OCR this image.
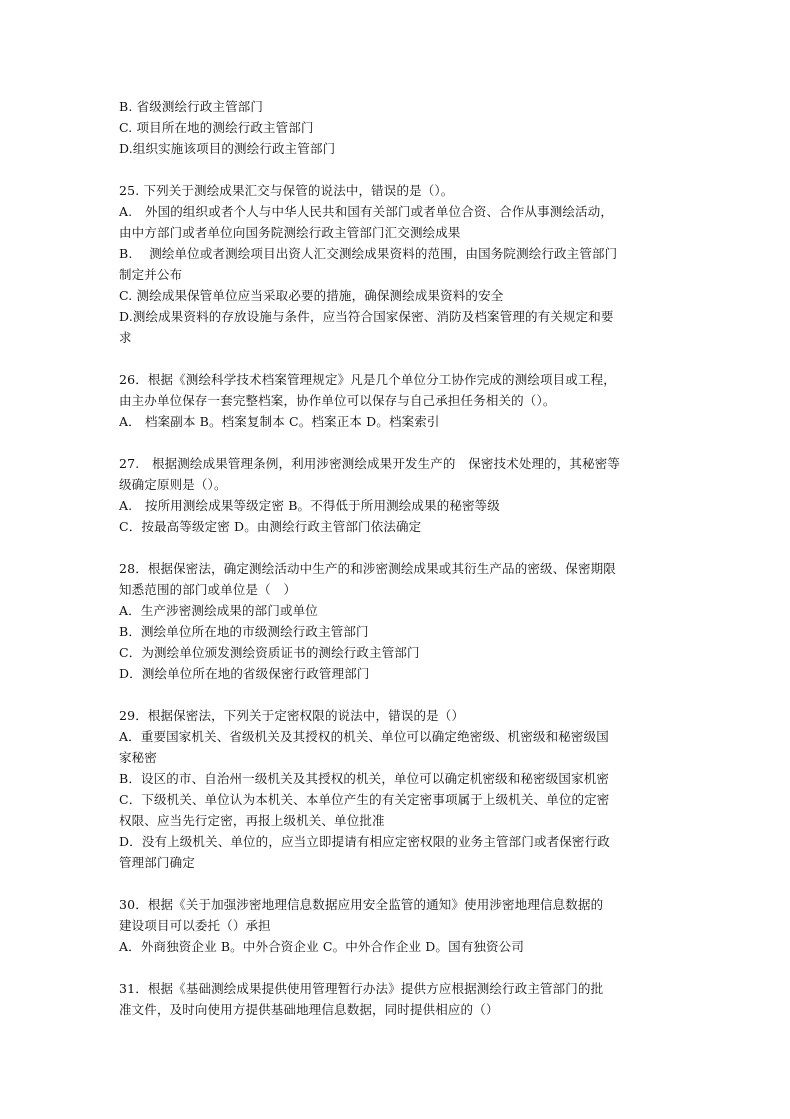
B. 省级测绘行政主管部门
C. 项目所在地的测绘行政主管部门
D.组织实施该项目的测绘行政主管部门
25. 下列关于测绘成果汇交与保管的说法中，错误的是（）。
A.　外国的组织或者个人与中华人民共和国有关部门或者单位合资、合作从事测绘活动，
由中方部门或者单位向国务院测绘行政主管部门汇交测绘成果
B.　 测绘单位或者测绘项目出资人汇交测绘成果资料的范围，由国务院测绘行政主管部门
制定并公布
C. 测绘成果保管单位应当采取必要的措施，确保测绘成果资料的安全
D.测绘成果资料的存放设施与条件，应当符合国家保密、消防及档案管理的有关规定和要
求
26．根据《测绘科学技术档案管理规定》凡是几个单位分工协作完成的测绘项目或工程，
由主办单位保存一套完整档案，协作单位可以保存与自己承担任务相关的（）。
A． 档案副本 B。档案复制本 C。档案正本 D。档案索引
27.　根据测绘成果管理条例，利用涉密测绘成果开发生产的　保密技术处理的，其秘密等
级确定原则是（）。
A.　按所用测绘成果等级定密 B。不得低于所用测绘成果的秘密等级
C．按最高等级定密 D。由测绘行政主管部门依法确定
28．根据保密法，确定测绘活动中生产的和涉密测绘成果或其衍生产品的密级、保密期限
知悉范围的部门或单位是（　）
A．生产涉密测绘成果的部门或单位
B．测绘单位所在地的市级测绘行政主管部门
C．为测绘单位颁发测绘资质证书的测绘行政主管部门
D．测绘单位所在地的省级保密行政管理部门
29．根据保密法，下列关于定密权限的说法中，错误的是（）
A．重要国家机关、省级机关及其授权的机关、单位可以确定绝密级、机密级和秘密级国
家秘密
B．设区的市、自治州一级机关及其授权的机关，单位可以确定机密级和秘密级国家机密
C．下级机关、单位认为本机关、本单位产生的有关定密事项属于上级机关、单位的定密
权限、应当先行定密，再报上级机关、单位批准
D．没有上级机关、单位的，应当立即提请有相应定密权限的业务主管部门或者保密行政
管理部门确定
30．根据《关于加强涉密地理信息数据应用安全监管的通知》使用涉密地理信息数据的
建设项目可以委托（）承担
A．外商独资企业 B。中外合资企业 C。中外合作企业 D。国有独资公司
31．根据《基础测绘成果提供使用管理暂行办法》提供方应根据测绘行政主管部门的批
准文件，及时向使用方提供基础地理信息数据，同时提供相应的（）
